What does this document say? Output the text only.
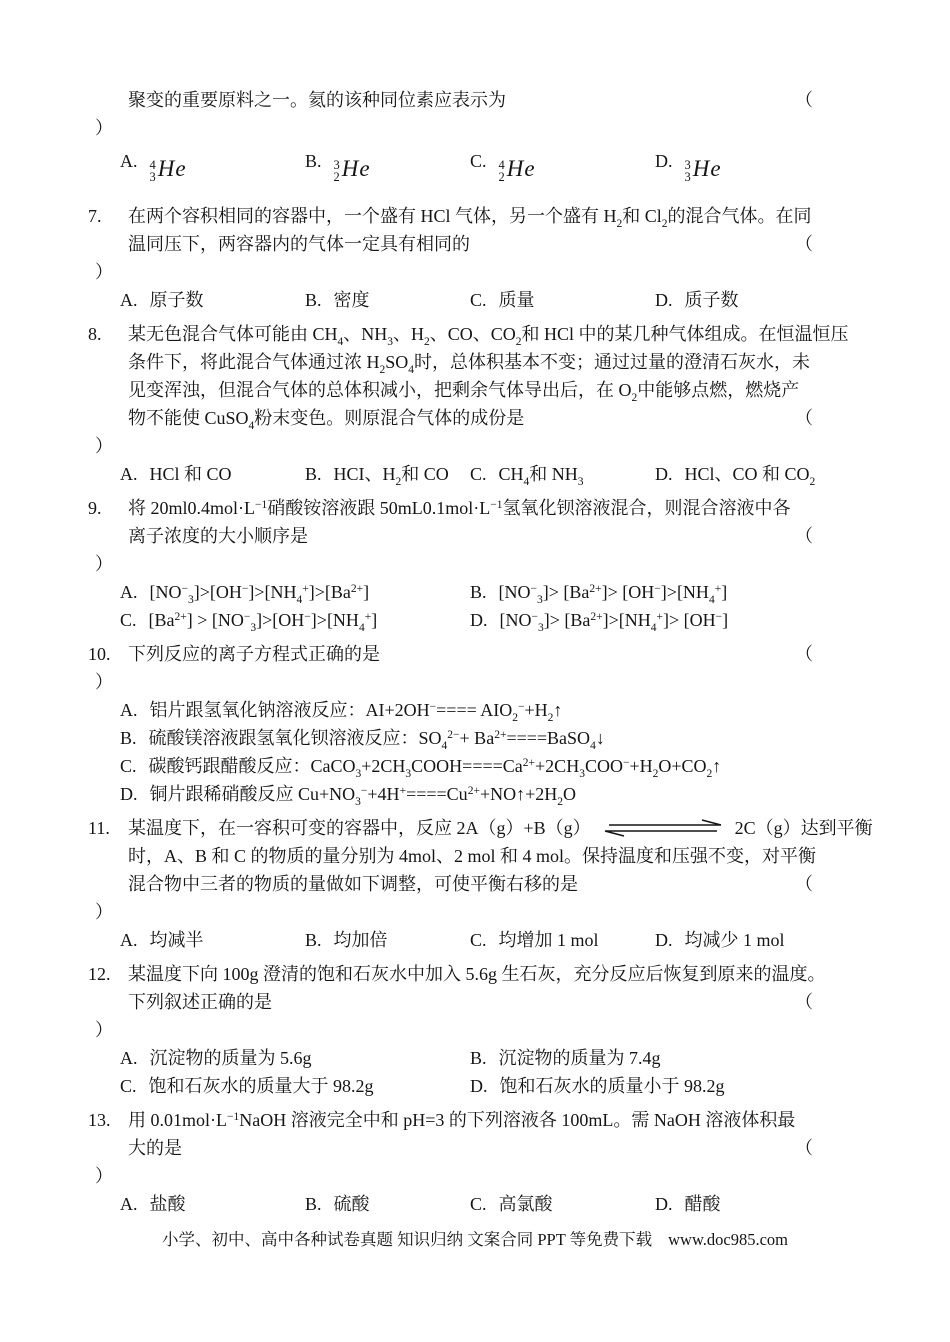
聚变的重要原料之一。氦的该种同位素应表示为	（
）
A. 4
3 He	B. 3
2 He	C. 4
2 He	D. 3
3 He
7. 在两个容积相同的容器中，一个盛有 HCl 气体，另一个盛有 $H_2$和 $Cl_2$的混合气体。在同
温同压下，两容器内的气体一定具有相同的	（
）
A. 原子数	B. 密度	C. 质量	D. 质子数
8. 某无色混合气体可能由 $CH_4$、$NH_3$、$H_2$、CO、$CO_2$和 HCl 中的某几种气体组成。在恒温恒压
条件下，将此混合气体通过浓 $H_2SO_4$时，总体积基本不变；通过过量的澄清石灰水，未
见变浑浊，但混合气体的总体积减小，把剩余气体导出后，在 $O_2$中能够点燃，燃烧产
物不能使 CuSO$_4$粉末变色。则原混合气体的成份是	（
）
A. HCl 和 CO	B. HCI、$H_2$和 CO C. $CH_4$和 $NH_3$	D. HCl、CO 和 $CO_2$
9. 将 $20ml0.4mol\cdot L^{-1}$硝酸铵溶液跟 $50mL0.1mol\cdot L^{-1}$氢氧化钡溶液混合，则混合溶液中各
离子浓度的大小顺序是	（
）
A. $[NO^-_3]>[OH^-]>[NH_4^+]>[Ba^{2+}]$	B. $[NO^-_3]> [Ba^{2+}]> [OH^-]>[NH_4^+]$
C. $[Ba^{2+}] > [NO^-_3]>[OH^-]>[NH_4^+]$	D. $[NO^-_3]> [Ba^{2+}]>[NH_4^+]> [OH^-]$
10. 下列反应的离子方程式正确的是	（
）
A. 铝片跟氢氧化钠溶液反应：$AI+2OH^-==== AIO_2^-+H_2↑$
B. 硫酸镁溶液跟氢氧化钡溶液反应：$SO_4^{2-}+$ $Ba^{2+}====BaSO_4↓$
C. 碳酸钙跟醋酸反应：$CaCO_3+2CH_3COOH====Ca^{2+}+2CH_3COO^-+H_2O+CO_2↑$
D. 铜片跟稀硝酸反应 $Cu+NO_3^-+4H^+====Cu^{2+}+NO↑+2H_2O$
11. 某温度下，在一容积可变的容器中，反应 2A（g）+B（g）	2C（g）达到平衡
时，A、B 和 C 的物质的量分别为 4mol、2 mol 和 4 mol。保持温度和压强不变，对平衡
混合物中三者的物质的量做如下调整，可使平衡右移的是	（
）
A. 均减半	B. 均加倍	C. 均增加 1 mol	D. 均减少 1 mol
12. 某温度下向 100g 澄清的饱和石灰水中加入 5.6g 生石灰，充分反应后恢复到原来的温度。
下列叙述正确的是	（
）
A. 沉淀物的质量为 5.6g	B. 沉淀物的质量为 7.4g
C. 饱和石灰水的质量大于 98.2g	D. 饱和石灰水的质量小于 98.2g
13. 用 $0.01mol\cdot L^{-1}NaOH$ 溶液完全中和 pH=3 的下列溶液各 100mL。需 NaOH 溶液体积最
大的是	（
）
A. 盐酸	B. 硫酸	C. 高氯酸	D. 醋酸
小学、初中、高中各种试卷真题 知识归纳 文案合同 PPT 等免费下载 www.doc985.com
